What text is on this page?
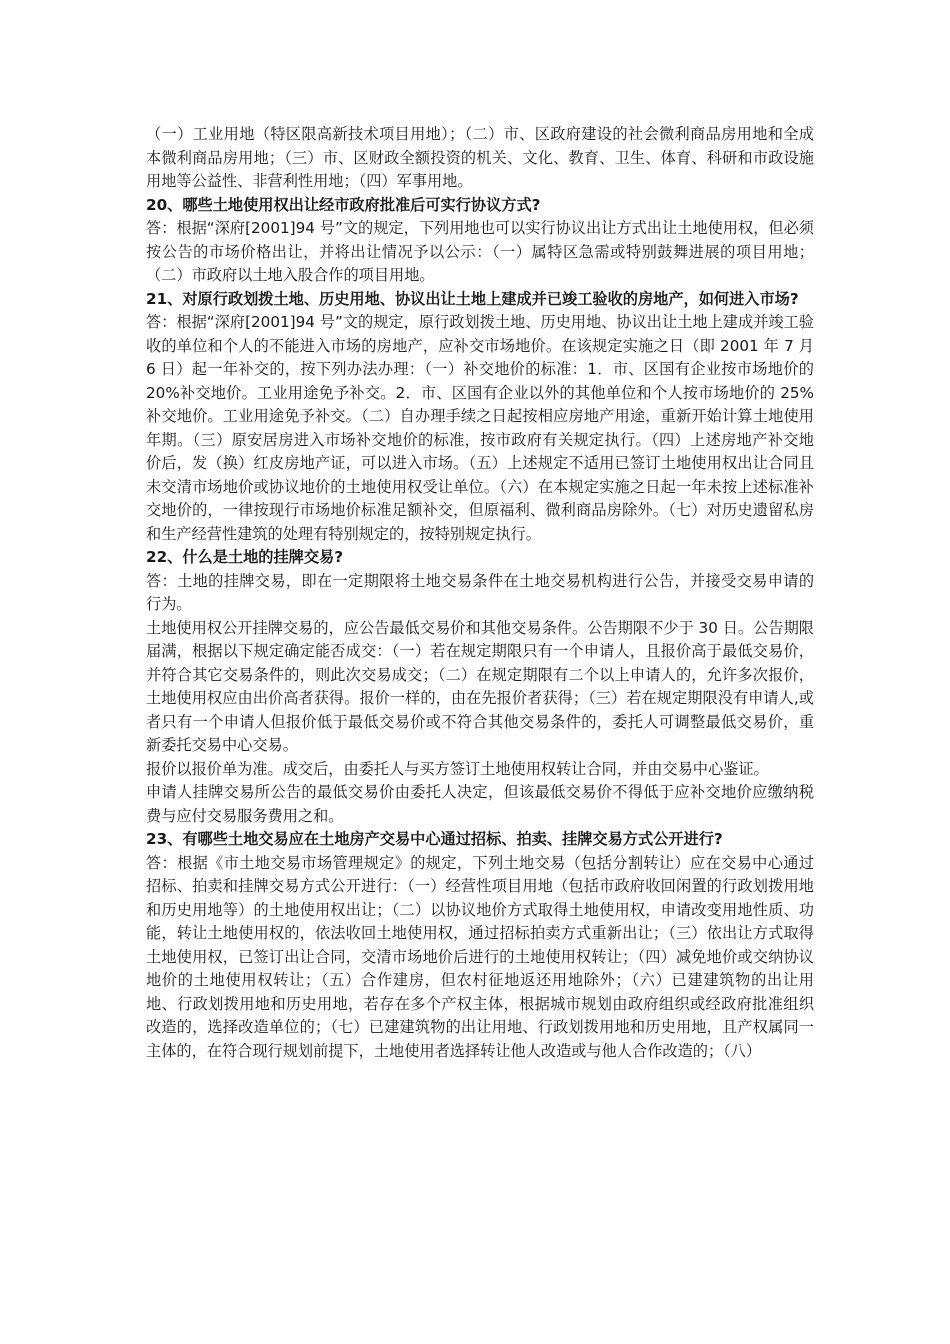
（一）工业用地（特区限高新技术项目用地）；（二）市、区政府建设的社会微利商品房用地和全成本微利商品房用地；（三）市、区财政全额投资的机关、文化、教育、卫生、体育、科研和市政设施用地等公益性、非营利性用地；（四）军事用地。

20、哪些土地使用权出让经市政府批准后可实行协议方式?

答：根据“深府[2001]94 号”文的规定，下列用地也可以实行协议出让方式出让土地使用权，但必须按公告的市场价格出让，并将出让情况予以公示：（一）属特区急需或特别鼓舞进展的项目用地；（二）市政府以土地入股合作的项目用地。

21、对原行政划拨土地、历史用地、协议出让土地上建成并已竣工验收的房地产，如何进入市场?

答：根据“深府[2001]94 号”文的规定，原行政划拨土地、历史用地、协议出让土地上建成并竣工验收的单位和个人的不能进入市场的房地产，应补交市场地价。在该规定实施之日（即 2001 年 7 月 6 日）起一年补交的，按下列办法办理：（一）补交地价的标准：1．市、区国有企业按市场地价的 20%补交地价。工业用途免予补交。2．市、区国有企业以外的其他单位和个人按市场地价的 25%补交地价。工业用途免予补交。（二）自办理手续之日起按相应房地产用途，重新开始计算土地使用年期。（三）原安居房进入市场补交地价的标准，按市政府有关规定执行。（四）上述房地产补交地价后，发（换）红皮房地产证，可以进入市场。（五）上述规定不适用已签订土地使用权出让合同且未交清市场地价或协议地价的土地使用权受让单位。（六）在本规定实施之日起一年未按上述标准补交地价的，一律按现行市场地价标准足额补交，但原福利、微利商品房除外。（七）对历史遗留私房和生产经营性建筑的处理有特别规定的，按特别规定执行。

22、什么是土地的挂牌交易?

答：土地的挂牌交易，即在一定期限将土地交易条件在土地交易机构进行公告，并接受交易申请的行为。

土地使用权公开挂牌交易的，应公告最低交易价和其他交易条件。公告期限不少于 30 日。公告期限届满，根据以下规定确定能否成交：（一）若在规定期限只有一个申请人，且报价高于最低交易价，并符合其它交易条件的，则此次交易成交；（二）在规定期限有二个以上申请人的，允许多次报价，土地使用权应由出价高者获得。报价一样的，由在先报价者获得；（三）若在规定期限没有申请人,或者只有一个申请人但报价低于最低交易价或不符合其他交易条件的，委托人可调整最低交易价，重新委托交易中心交易。

报价以报价单为准。成交后，由委托人与买方签订土地使用权转让合同，并由交易中心鉴证。

申请人挂牌交易所公告的最低交易价由委托人决定，但该最低交易价不得低于应补交地价应缴纳税费与应付交易服务费用之和。

23、有哪些土地交易应在土地房产交易中心通过招标、拍卖、挂牌交易方式公开进行?

答：根据《市土地交易市场管理规定》的规定，下列土地交易（包括分割转让）应在交易中心通过招标、拍卖和挂牌交易方式公开进行：（一）经营性项目用地（包括市政府收回闲置的行政划拨用地和历史用地等）的土地使用权出让；（二）以协议地价方式取得土地使用权，申请改变用地性质、功能，转让土地使用权的，依法收回土地使用权，通过招标拍卖方式重新出让；（三）依出让方式取得土地使用权，已签订出让合同，交清市场地价后进行的土地使用权转让；（四）减免地价或交纳协议地价的土地使用权转让；（五）合作建房，但农村征地返还用地除外；（六）已建建筑物的出让用地、行政划拨用地和历史用地，若存在多个产权主体，根据城市规划由政府组织或经政府批准组织改造的，选择改造单位的；（七）已建建筑物的出让用地、行政划拨用地和历史用地，且产权属同一主体的，在符合现行规划前提下，土地使用者选择转让他人改造或与他人合作改造的；（八）
